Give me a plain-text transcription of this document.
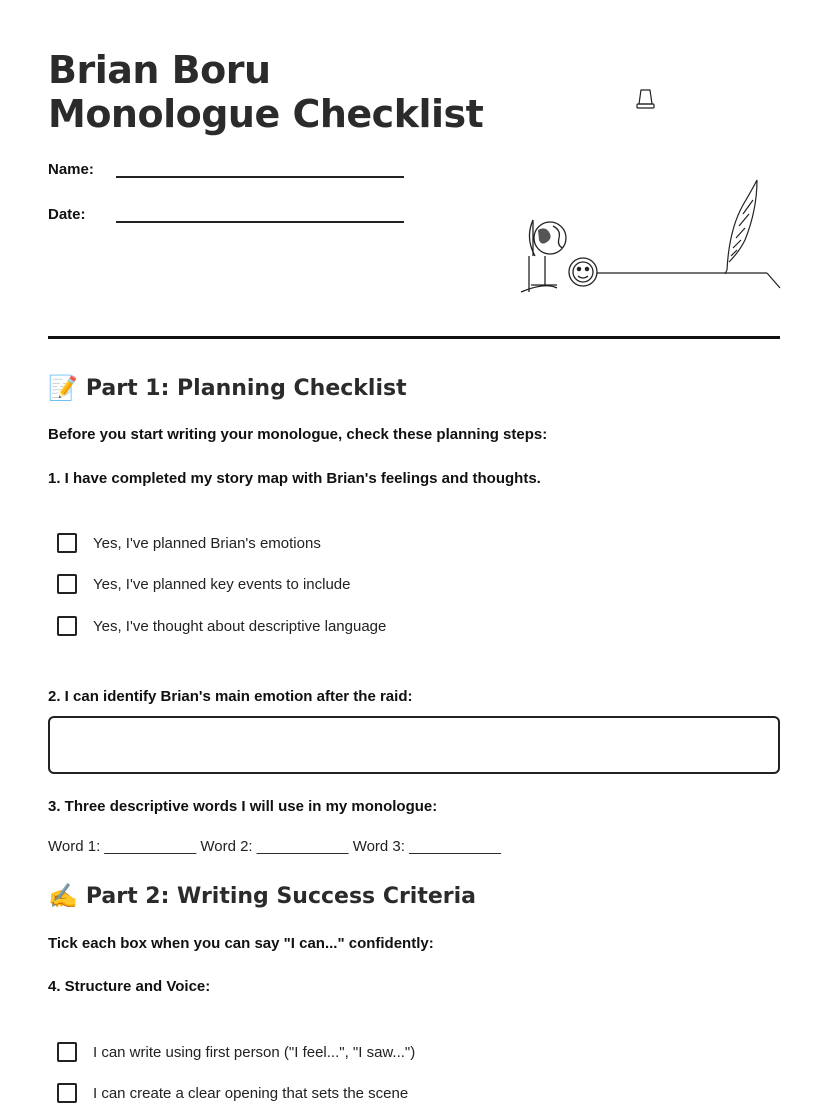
Brian Boru Monologue Checklist
Name:
Date:
📝 Part 1: Planning Checklist
Before you start writing your monologue, check these planning steps:
1. I have completed my story map with Brian's feelings and thoughts.
Yes, I've planned Brian's emotions
Yes, I've planned key events to include
Yes, I've thought about descriptive language
2. I can identify Brian's main emotion after the raid:
3. Three descriptive words I will use in my monologue:
Word 1: ___________ Word 2: ___________ Word 3: ___________
✍️ Part 2: Writing Success Criteria
Tick each box when you can say "I can..." confidently:
4. Structure and Voice:
I can write using first person ("I feel...", "I saw...")
I can create a clear opening that sets the scene
